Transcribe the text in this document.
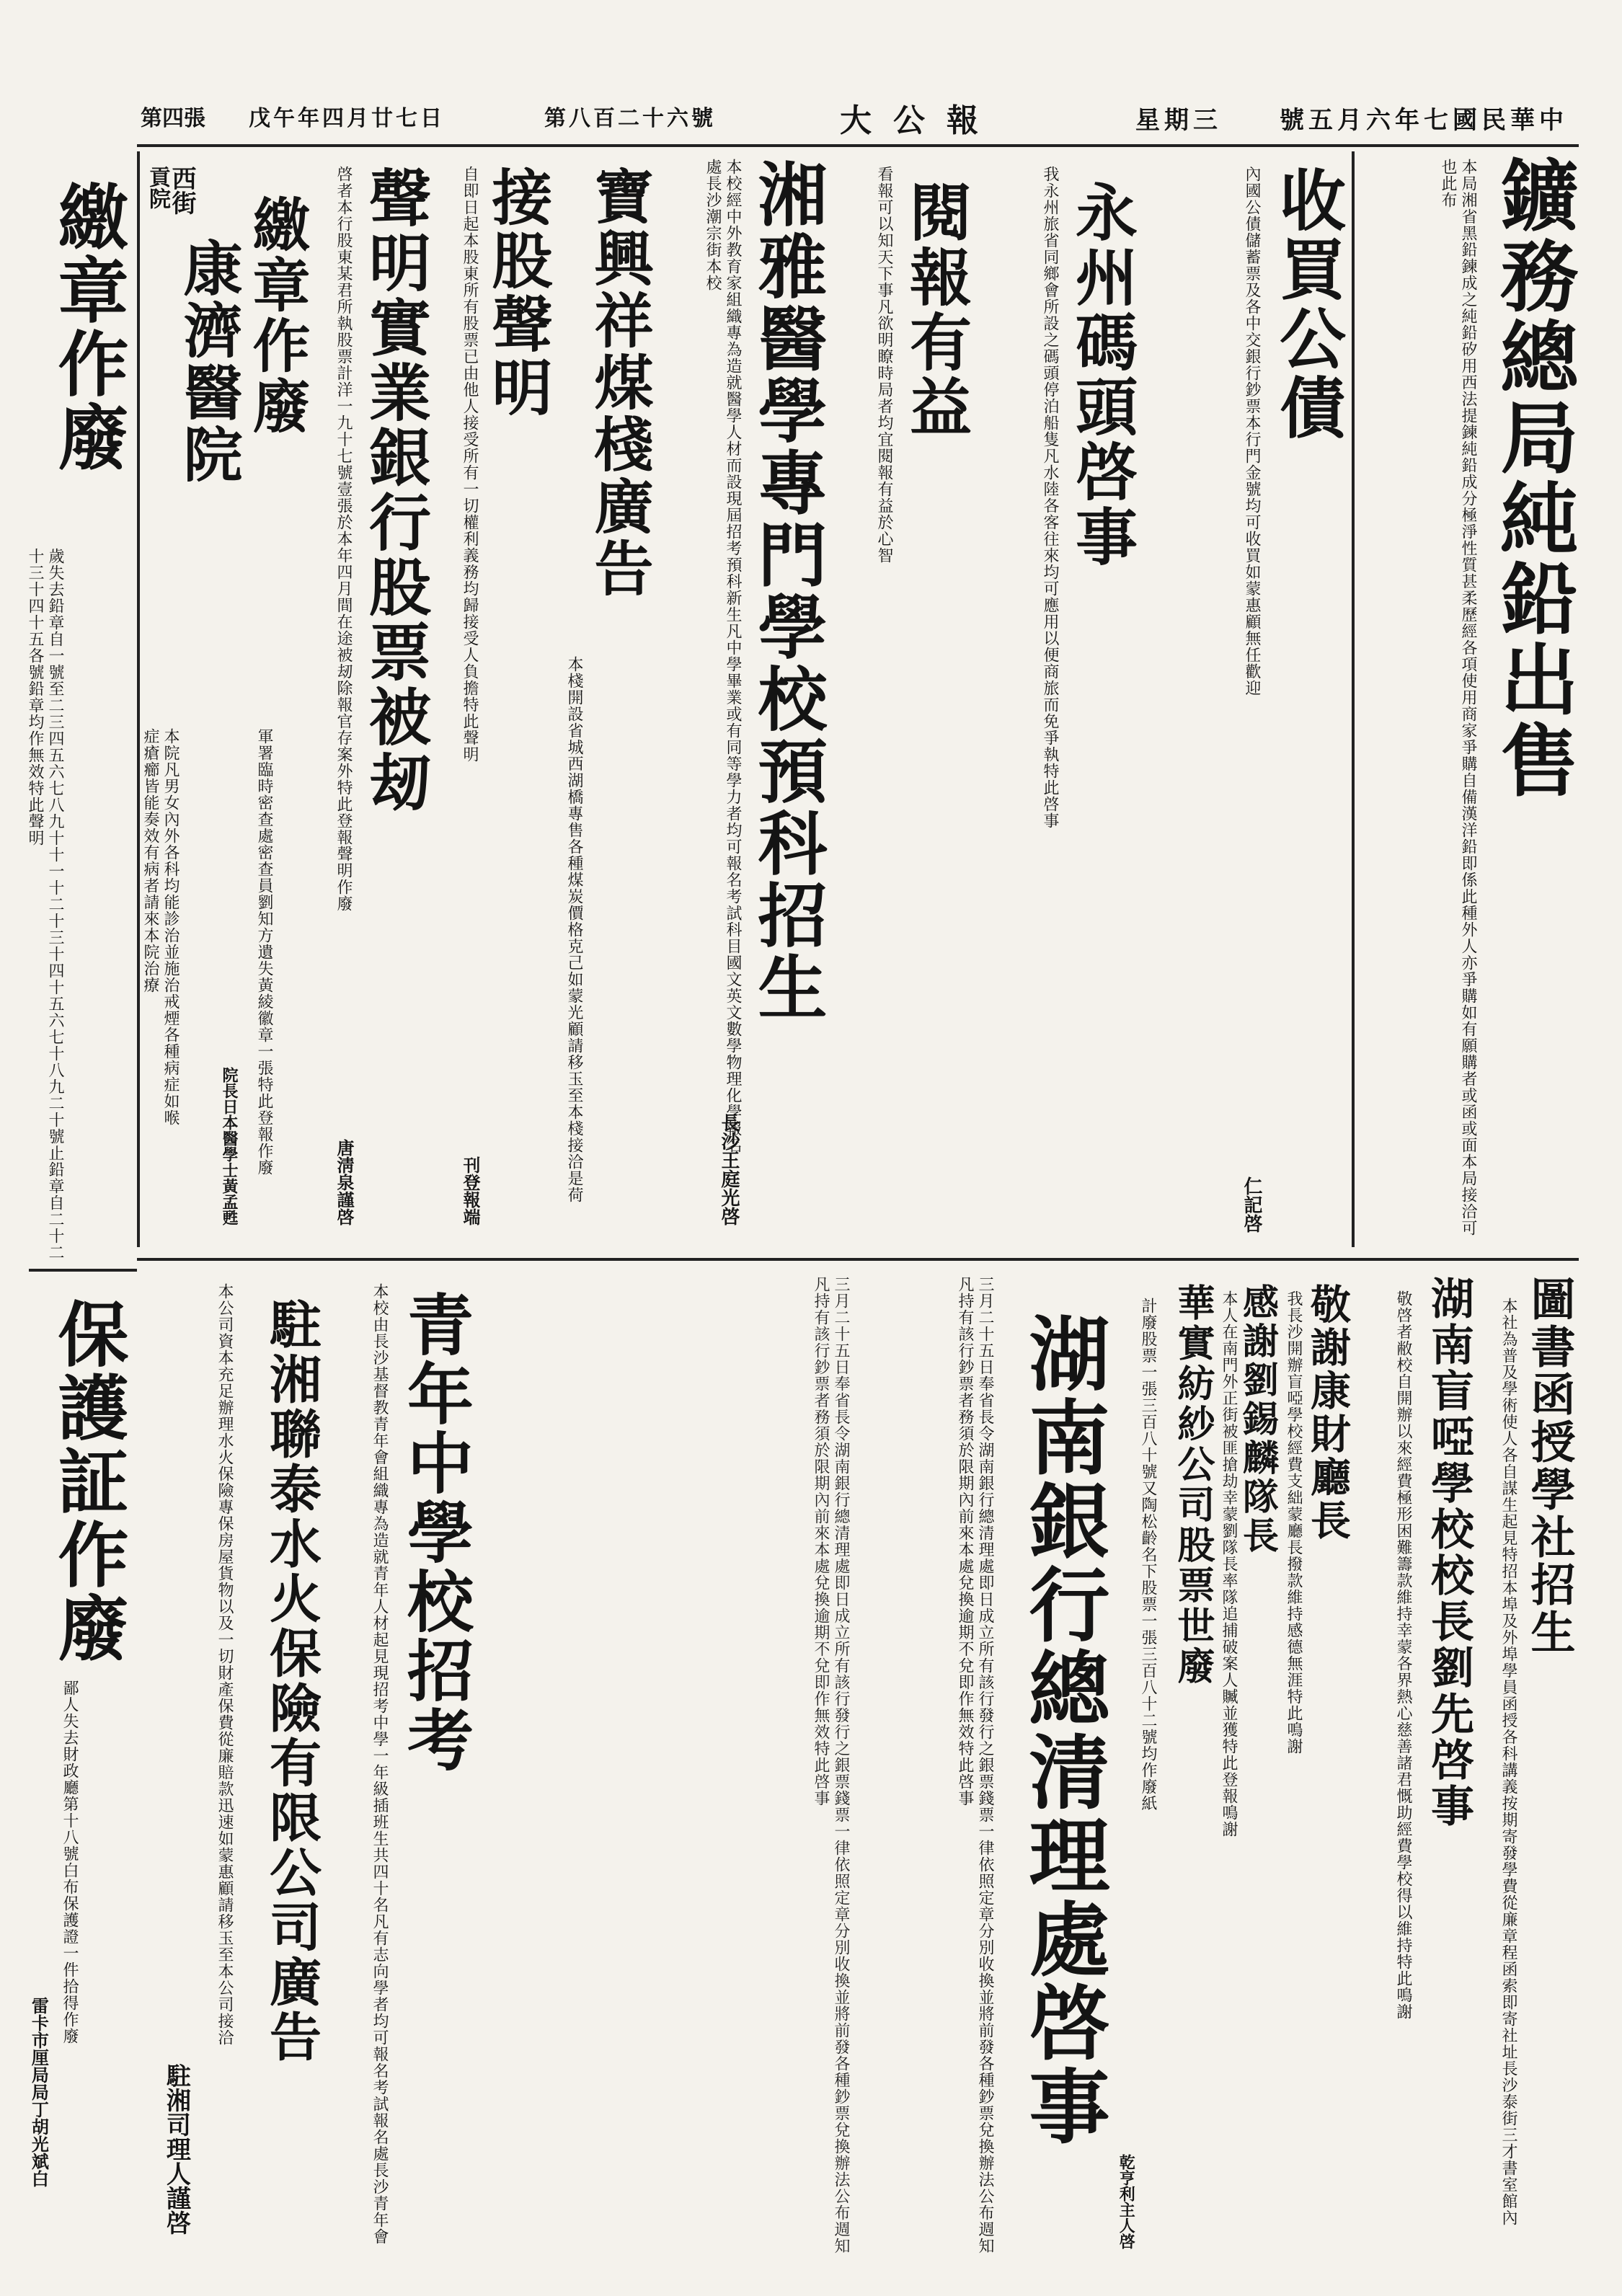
中華民國七年六月五號
星期三
大公報
第八百二十六號
戊午年四月廿七日
第四張
鑛務總局純鉛出售
本局湘省黑鉛鍊成之純鉛矽用西法提鍊純鉛成分極淨性質甚柔歷經各項使用商家爭購自備漢洋鉛即係此種外人亦爭購如有願購者或函或面本局接洽可也此布
收買公債
內國公債儲蓄票及各中交銀行鈔票本行門金號均可收買如蒙惠顧無任歡迎
仁記啓
永州碼頭啓事
我永州旅省同鄉會所設之碼頭停泊船隻凡水陸各客往來均可應用以便商旅而免爭執特此啓事
閱報有益
看報可以知天下事凡欲明瞭時局者均宜閱報有益於心智
湘雅醫學專門學校預科招生
本校經中外教育家組織專為造就醫學人材而設現屆招考預科新生凡中學畢業或有同等學力者均可報名考試科目國文英文數學物理化學報名處長沙潮宗街本校
長沙王庭光啓
寶興祥煤棧廣告
本棧開設省城西湖橋專售各種煤炭價格克己如蒙光顧請移玉至本棧接洽是荷
接股聲明
自即日起本股東所有股票已由他人接受所有一切權利義務均歸接受人負擔特此聲明
刊登報端
聲明實業銀行股票被刼
啓者本行股東某君所執股票計洋一九十七號壹張於本年四月間在途被刼除報官存案外特此登報聲明作廢
唐淸泉謹啓
繳章作廢
軍署臨時密查處密查員劉知方遺失黃綾徽章一張特此登報作廢
西街
貢院
康濟醫院
本院凡男女內外各科均能診治並施治戒煙各種病症如喉症瘡癤皆能奏效有病者請來本院治療
院長日本醫學士黃孟甦
繳章作廢
歲失去鉛章自一號至二三四五六七八九十十一十二十三十四十五六七十八九二十號止鉛章自二十二十三十四十五各號鉛章均作無效特此聲明
圖書函授學社招生
本社為普及學術使人各自謀生起見特招本埠及外埠學員函授各科講義按期寄發學費從廉章程函索即寄社址長沙泰街三才書室館內
湖南盲啞學校校長劉先啓事
敬啓者敝校自開辦以來經費極形困難籌款維持幸蒙各界熱心慈善諸君慨助經費學校得以維持特此鳴謝
敬謝康財廳長
我長沙開辦盲啞學校經費支絀蒙廳長撥款維持感德無涯特此鳴謝
感謝劉錫麟隊長
本人在南門外正街被匪搶劫幸蒙劉隊長率隊追捕破案人贓並獲特此登報鳴謝
華實紡紗公司股票世廢
計廢股票一張三百八十號又陶松齡名下股票一張三百八十二號均作廢紙
乾亨利主人啓
湖南銀行總清理處啓事
三月二十五日奉省長令湖南銀行總清理處即日成立所有該行發行之銀票錢票一律依照定章分別收換並將前發各種鈔票兌換辦法公布週知凡持有該行鈔票者務須於限期內前來本處兌換逾期不兌即作無效特此啓事
三月二十五日奉省長令湖南銀行總清理處即日成立所有該行發行之銀票錢票一律依照定章分別收換並將前發各種鈔票兌換辦法公布週知凡持有該行鈔票者務須於限期內前來本處兌換逾期不兌即作無效特此啓事
青年中學校招考
本校由長沙基督教青年會組織專為造就青年人材起見現招考中學一年級插班生共四十名凡有志向學者均可報名考試報名處長沙青年會
駐湘聯泰水火保險有限公司廣告
本公司資本充足辦理水火保險專保房屋貨物以及一切財產保費從廉賠款迅速如蒙惠顧請移玉至本公司接洽
駐湘司理人謹啓
保護証作廢
鄙人失去財政廳第十八號白布保護證一件拾得作廢
雷卡市厘局局丁胡光斌白
